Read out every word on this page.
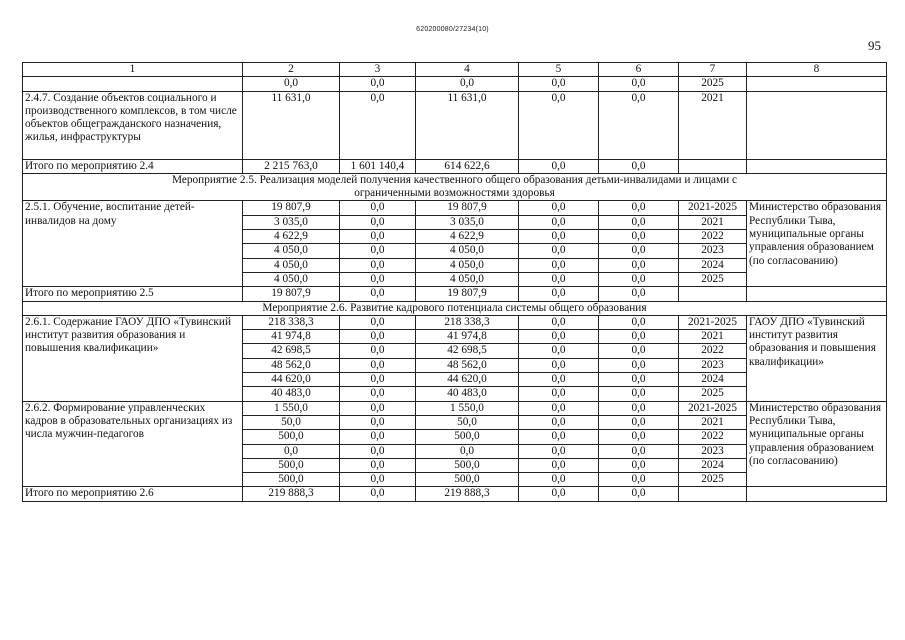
620200080/27234(10)
95
1	2	3	4	5	6	7	8
	0,0	0,0	0,0	0,0	0,0	2025	
2.4.7. Создание объектов социального и производственного комплексов, в том числе объектов общегражданского назначения, жилья, инфраструктуры	11 631,0	0,0	11 631,0	0,0	0,0	2021	
Итого по мероприятию 2.4	2 215 763,0	1 601 140,4	614 622,6	0,0	0,0		
Мероприятие 2.5. Реализация моделей получения качественного общего образования детьми-инвалидами и лицами с ограниченными возможностями здоровья							
2.5.1. Обучение, воспитание детей-инвалидов на дому	19 807,9	0,0	19 807,9	0,0	0,0	2021-2025	Министерство образования Республики Тыва, муниципальные органы управления образованием (по согласованию)
	3 035,0	0,0	3 035,0	0,0	0,0	2021	
	4 622,9	0,0	4 622,9	0,0	0,0	2022	
	4 050,0	0,0	4 050,0	0,0	0,0	2023	
	4 050,0	0,0	4 050,0	0,0	0,0	2024	
	4 050,0	0,0	4 050,0	0,0	0,0	2025	
Итого по мероприятию 2.5	19 807,9	0,0	19 807,9	0,0	0,0		
Мероприятие 2.6. Развитие кадрового потенциала системы общего образования							
2.6.1. Содержание ГАОУ ДПО «Тувинский институт развития образования и повышения квалификации»	218 338,3	0,0	218 338,3	0,0	0,0	2021-2025	ГАОУ ДПО «Тувинский институт развития образования и повышения квалификации»
	41 974,8	0,0	41 974,8	0,0	0,0	2021	
	42 698,5	0,0	42 698,5	0,0	0,0	2022	
	48 562,0	0,0	48 562,0	0,0	0,0	2023	
	44 620,0	0,0	44 620,0	0,0	0,0	2024	
	40 483,0	0,0	40 483,0	0,0	0,0	2025	
2.6.2. Формирование управленческих кадров в образовательных организациях из числа мужчин-педагогов	1 550,0	0,0	1 550,0	0,0	0,0	2021-2025	Министерство образования Республики Тыва, муниципальные органы управления образованием (по согласованию)
	50,0	0,0	50,0	0,0	0,0	2021	
	500,0	0,0	500,0	0,0	0,0	2022	
	0,0	0,0	0,0	0,0	0,0	2023	
	500,0	0,0	500,0	0,0	0,0	2024	
	500,0	0,0	500,0	0,0	0,0	2025	
Итого по мероприятию 2.6	219 888,3	0,0	219 888,3	0,0	0,0		
